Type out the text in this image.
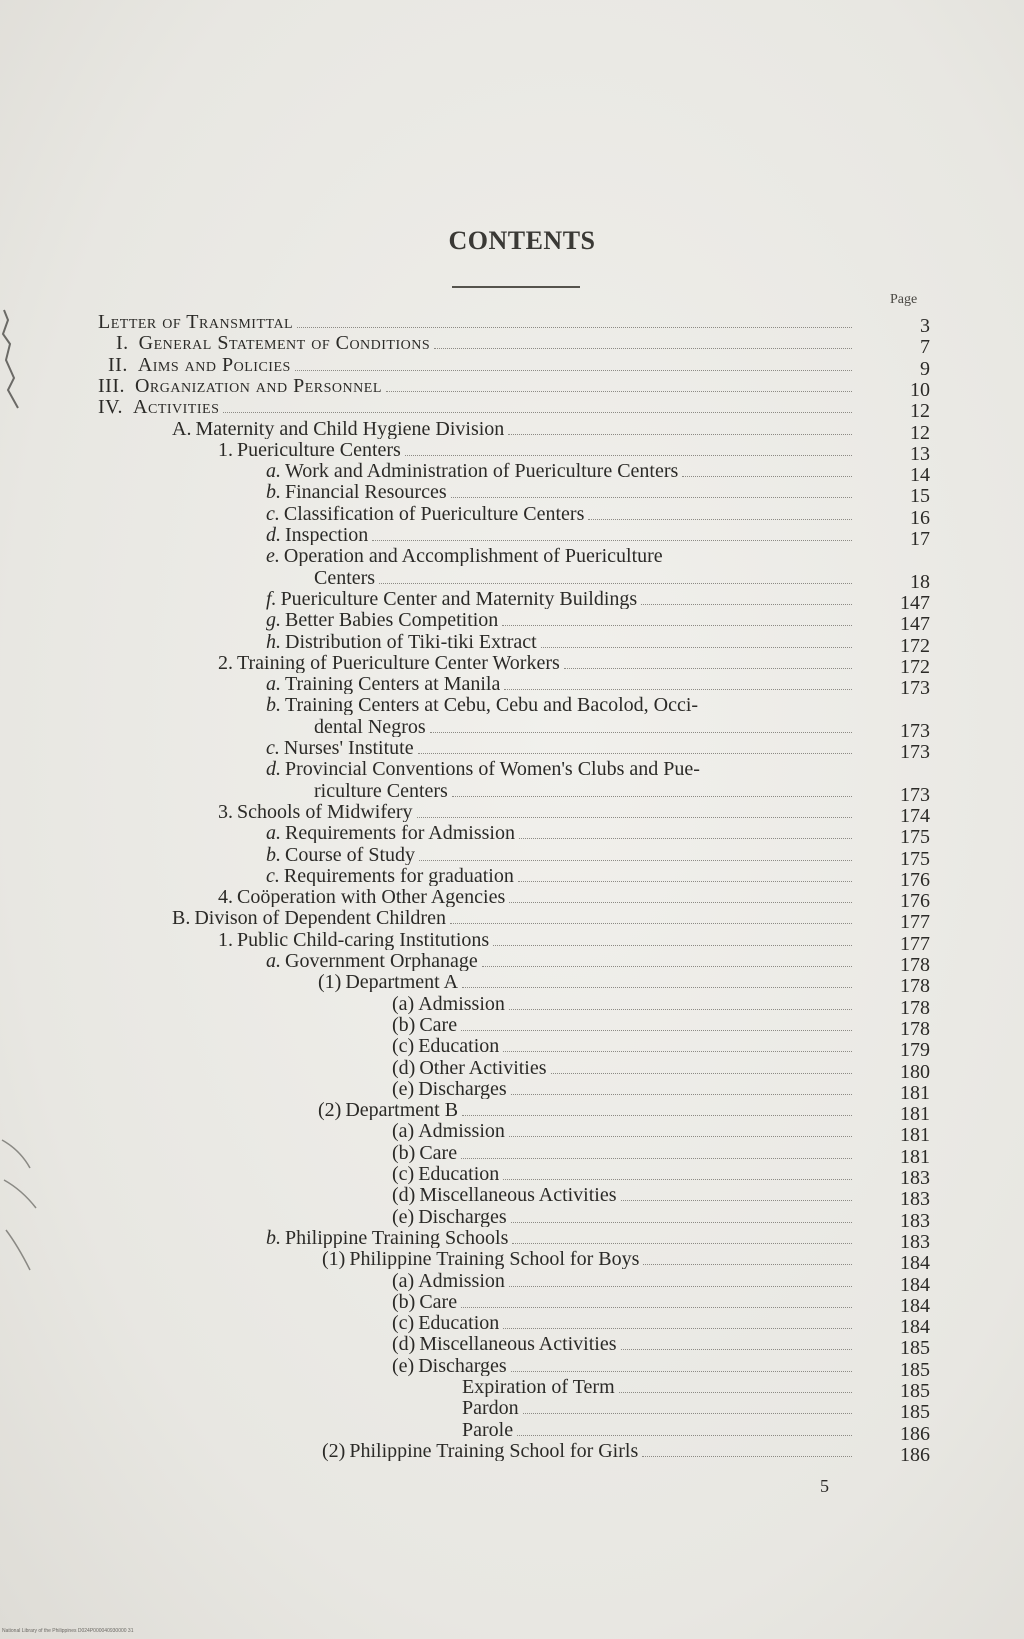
CONTENTS
Page
Letter of Transmittal	3
I. General Statement of Conditions	7
II. Aims and Policies	9
III. Organization and Personnel	10
IV. Activities	12
A. Maternity and Child Hygiene Division	12
1. Puericulture Centers	13
a. Work and Administration of Puericulture Centers	14
b. Financial Resources	15
c. Classification of Puericulture Centers	16
d. Inspection	17
e. Operation and Accomplishment of Puericulture
Centers	18
f. Puericulture Center and Maternity Buildings	147
g. Better Babies Competition	147
h. Distribution of Tiki-tiki Extract	172
2. Training of Puericulture Center Workers	172
a. Training Centers at Manila	173
b. Training Centers at Cebu, Cebu and Bacolod, Occi-
dental Negros	173
c. Nurses' Institute	173
d. Provincial Conventions of Women's Clubs and Pue-
riculture Centers	173
3. Schools of Midwifery	174
a. Requirements for Admission	175
b. Course of Study	175
c. Requirements for graduation	176
4. Coöperation with Other Agencies	176
B. Divison of Dependent Children	177
1. Public Child-caring Institutions	177
a. Government Orphanage	178
(1) Department A	178
(a) Admission	178
(b) Care	178
(c) Education	179
(d) Other Activities	180
(e) Discharges	181
(2) Department B	181
(a) Admission	181
(b) Care	181
(c) Education	183
(d) Miscellaneous Activities	183
(e) Discharges	183
b. Philippine Training Schools	183
(1) Philippine Training School for Boys	184
(a) Admission	184
(b) Care	184
(c) Education	184
(d) Miscellaneous Activities	185
(e) Discharges	185
Expiration of Term	185
Pardon	185
Parole	186
(2) Philippine Training School for Girls	186
5
National Library of the Philippines D024P000040930000 31
